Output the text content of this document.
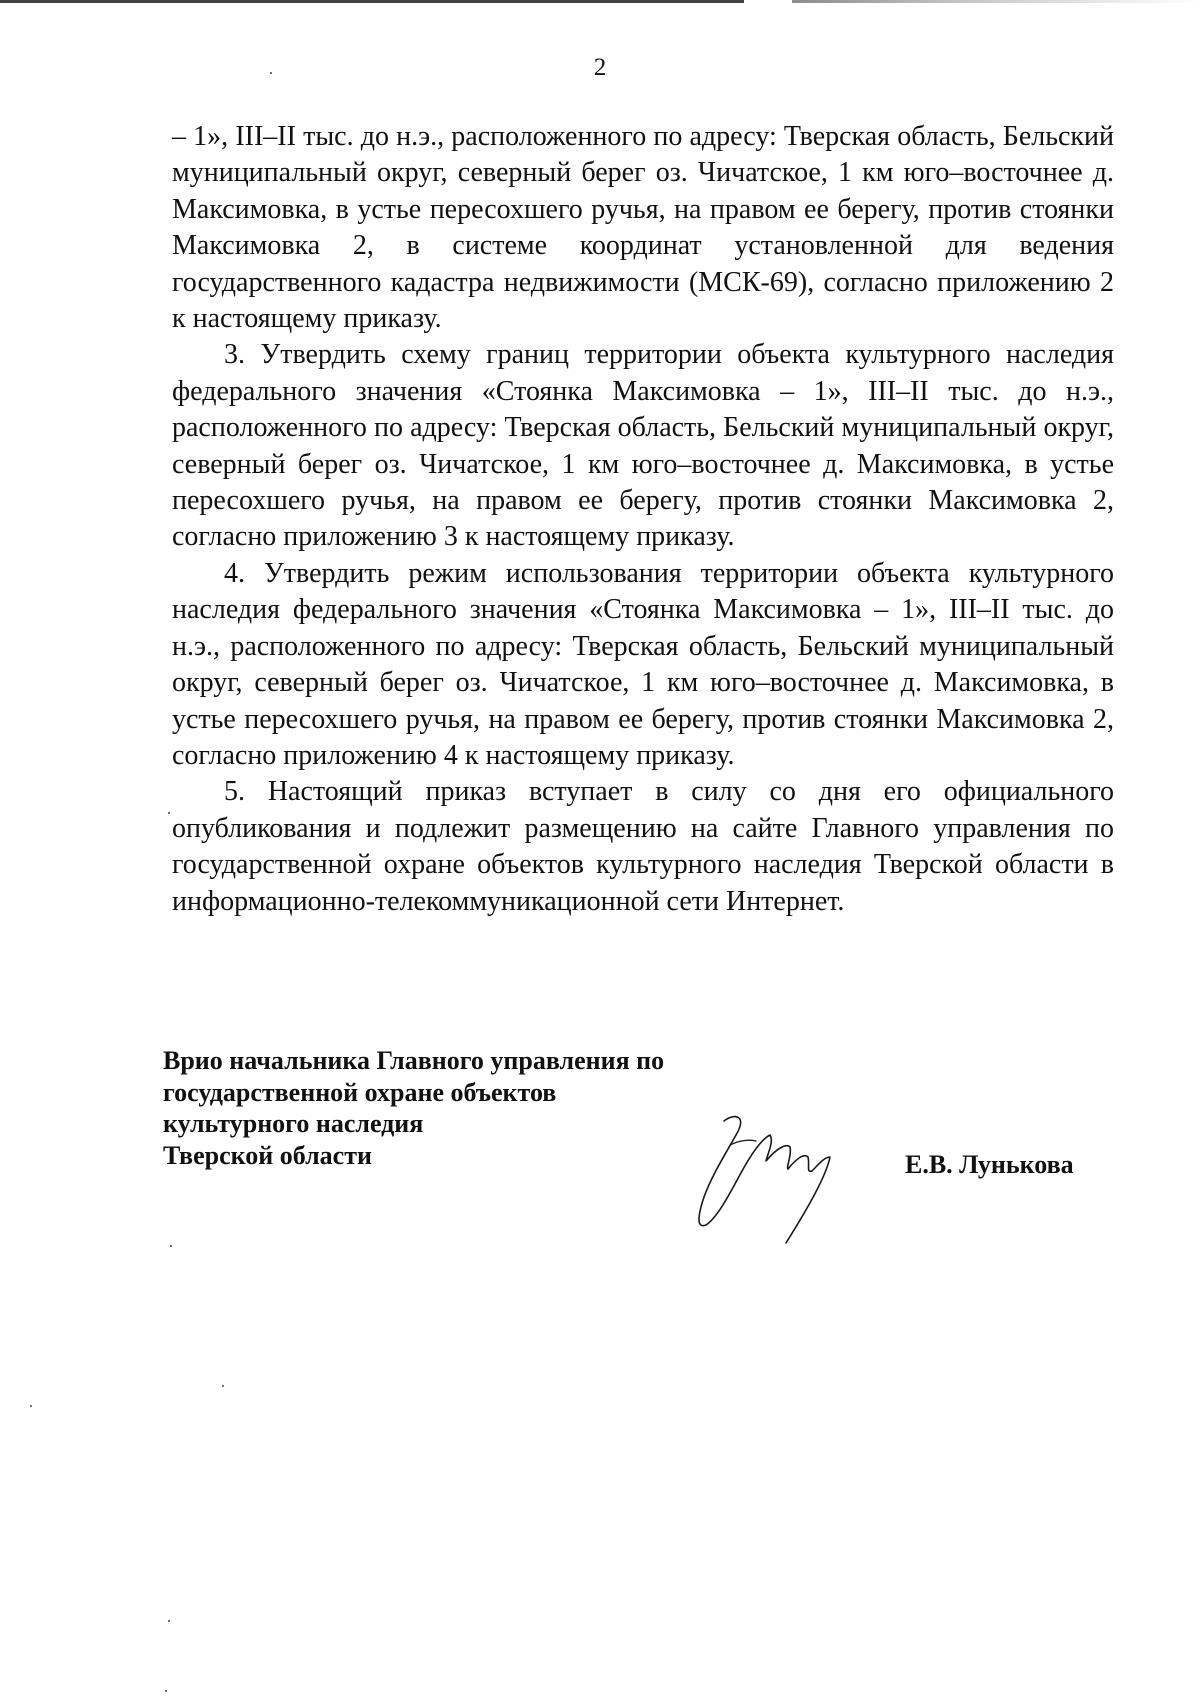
2

– 1», III–II тыс. до н.э., расположенного по адресу: Тверская область, Бельский муниципальный округ, северный берег оз. Чичатское, 1 км юго–восточнее д. Максимовка, в устье пересохшего ручья, на правом ее берегу, против стоянки Максимовка 2, в системе координат установленной для ведения государственного кадастра недвижимости (МСК-69), согласно приложению 2 к настоящему приказу.

3. Утвердить схему границ территории объекта культурного наследия федерального значения «Стоянка Максимовка – 1», III–II тыс. до н.э., расположенного по адресу: Тверская область, Бельский муниципальный округ, северный берег оз. Чичатское, 1 км юго–восточнее д. Максимовка, в устье пересохшего ручья, на правом ее берегу, против стоянки Максимовка 2, согласно приложению 3 к настоящему приказу.

4. Утвердить режим использования территории объекта культурного наследия федерального значения «Стоянка Максимовка – 1», III–II тыс. до н.э., расположенного по адресу: Тверская область, Бельский муниципальный округ, северный берег оз. Чичатское, 1 км юго–восточнее д. Максимовка, в устье пересохшего ручья, на правом ее берегу, против стоянки Максимовка 2, согласно приложению 4 к настоящему приказу.

5. Настоящий приказ вступает в силу со дня его официального опубликования и подлежит размещению на сайте Главного управления по государственной охране объектов культурного наследия Тверской области в информационно-телекоммуникационной сети Интернет.

Врио начальника Главного управления по
государственной охране объектов
культурного наследия
Тверской области	Е.В. Лунькова
